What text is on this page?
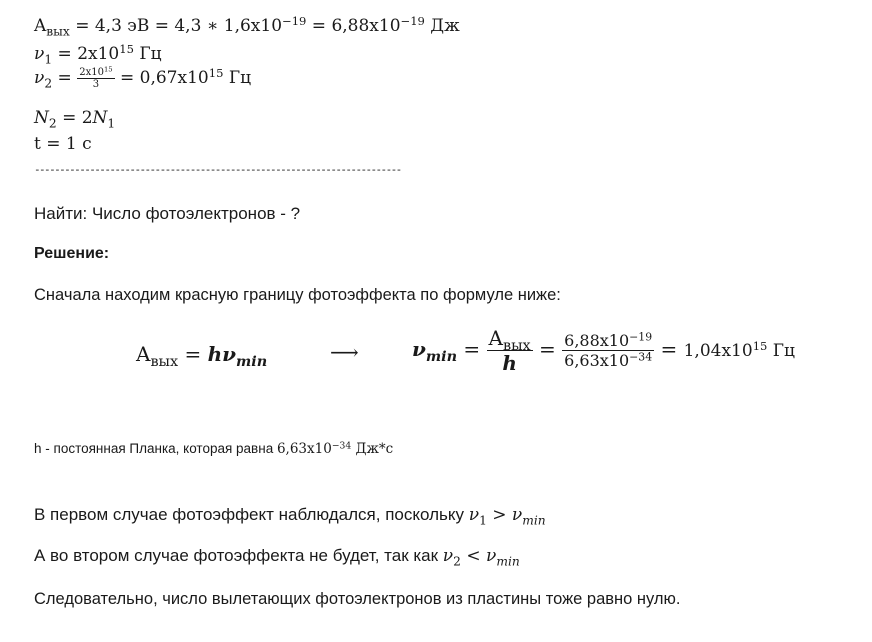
$A_{вых} = 4,3$ эВ = 4,3 ∗ $1,6x10^{-19} = 6,88x10^{-19}$ Дж
$\nu_1 = 2x10^{15}$ Гц
$\nu_2 = \frac{2x10^{15}}{3} = 0,67x10^{15}$ Гц
$N_2 = 2N_1$
t = 1 с
-------------------------------------------------------------------------
Найти: Число фотоэлектронов - ?
Решение:
Сначала находим красную границу фотоэффекта по формуле ниже:
$A_{вых} = h\nu_{min}$	⟶	$\nu_{min} = \frac{A_{вых}}{h} = \frac{6,88x10^{-19}}{6,63x10^{-34}} = 1,04x10^{15}$ Гц
h - постоянная Планка, которая равна $6,63x10^{-34}$ Дж*с
В первом случае фотоэффект наблюдался, поскольку $\nu_1 > \nu_{min}$
А во втором случае фотоэффекта не будет, так как $\nu_2 < \nu_{min}$
Следовательно, число вылетающих фотоэлектронов из пластины тоже равно нулю.
